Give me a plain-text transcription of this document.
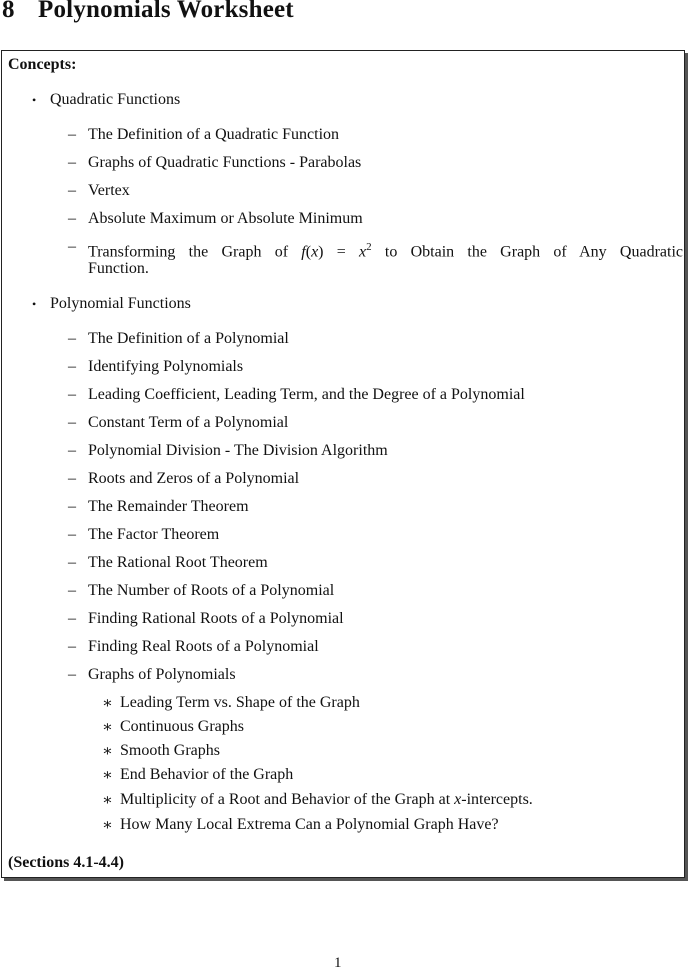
8 Polynomials Worksheet
Concepts:
• Quadratic Functions
– The Definition of a Quadratic Function
– Graphs of Quadratic Functions - Parabolas
– Vertex
– Absolute Maximum or Absolute Minimum
– Transforming the Graph of $f(x) = x^2$ to Obtain the Graph of Any Quadratic
Function.
• Polynomial Functions
– The Definition of a Polynomial
– Identifying Polynomials
– Leading Coefficient, Leading Term, and the Degree of a Polynomial
– Constant Term of a Polynomial
– Polynomial Division - The Division Algorithm
– Roots and Zeros of a Polynomial
– The Remainder Theorem
– The Factor Theorem
– The Rational Root Theorem
– The Number of Roots of a Polynomial
– Finding Rational Roots of a Polynomial
– Finding Real Roots of a Polynomial
– Graphs of Polynomials
∗ Leading Term vs. Shape of the Graph
∗ Continuous Graphs
∗ Smooth Graphs
∗ End Behavior of the Graph
∗ Multiplicity of a Root and Behavior of the Graph at x-intercepts.
∗ How Many Local Extrema Can a Polynomial Graph Have?
(Sections 4.1-4.4)
1
